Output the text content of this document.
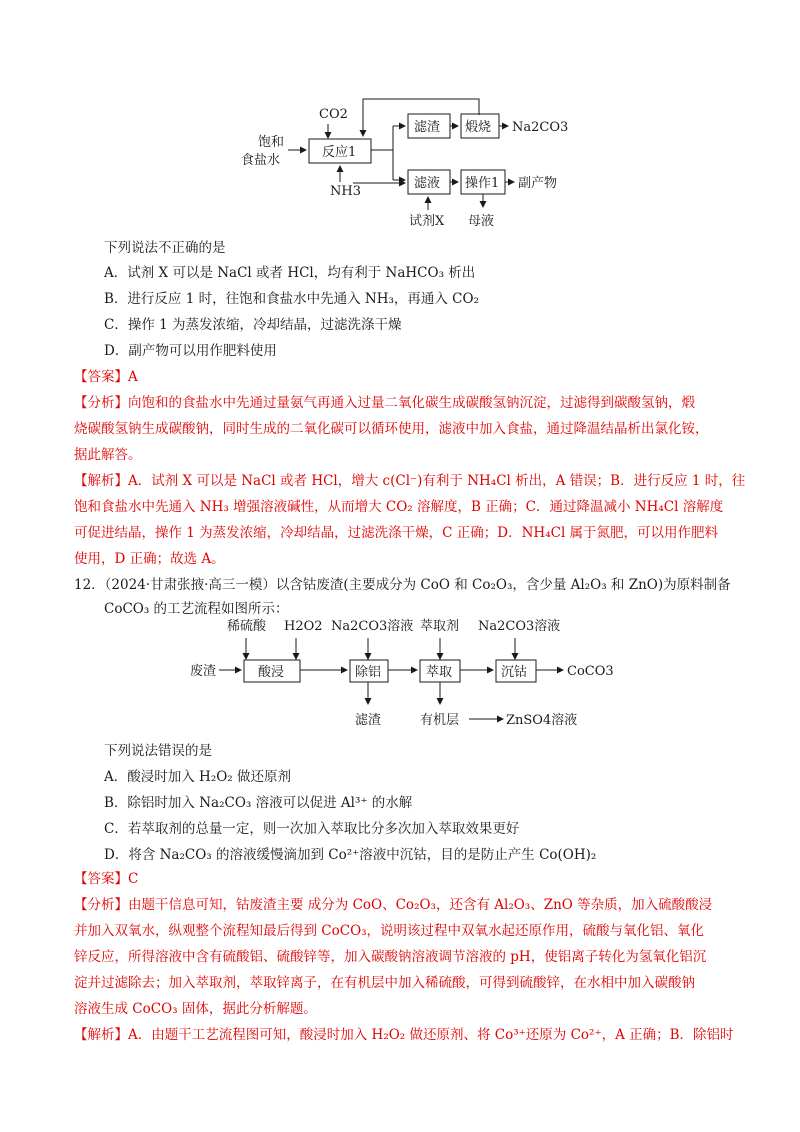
CO2
饱和
食盐水
反应1
NH3
滤渣 煅烧 Na2CO3
滤液 操作1 副产物
试剂X 母液
稀硫酸 H2O2 Na2CO3溶液 萃取剂 Na2CO3溶液
废渣	酸浸	除铝	萃取	沉钴	CoCO3
滤渣	有机层	ZnSO4溶液
下列说法不正确的是
A．试剂 X 可以是 NaCl 或者 HCl，均有利于 NaHCO₃ 析出
B．进行反应 1 时，往饱和食盐水中先通入 NH₃，再通入 CO₂
C．操作 1 为蒸发浓缩，冷却结晶，过滤洗涤干燥
D．副产物可以用作肥料使用
【答案】A
【分析】向饱和的食盐水中先通过量氨气再通入过量二氧化碳生成碳酸氢钠沉淀，过滤得到碳酸氢钠，煅
烧碳酸氢钠生成碳酸钠，同时生成的二氧化碳可以循环使用，滤液中加入食盐，通过降温结晶析出氯化铵，
据此解答。
【解析】A．试剂 X 可以是 NaCl 或者 HCl，增大 c(Cl⁻)有利于 NH₄Cl 析出，A 错误；B．进行反应 1 时，往
饱和食盐水中先通入 NH₃ 增强溶液碱性，从而增大 CO₂ 溶解度，B 正确；C．通过降温减小 NH₄Cl 溶解度
可促进结晶，操作 1 为蒸发浓缩，冷却结晶，过滤洗涤干燥，C 正确；D．NH₄Cl 属于氮肥，可以用作肥料
使用，D 正确；故选 A。
12．（2024·甘肃张掖·高三一模）以含钴废渣(主要成分为 CoO 和 Co₂O₃，含少量 Al₂O₃ 和 ZnO)为原料制备
CoCO₃ 的工艺流程如图所示：
下列说法错误的是
A．酸浸时加入 H₂O₂ 做还原剂
B．除铝时加入 Na₂CO₃ 溶液可以促进 Al³⁺ 的水解
C．若萃取剂的总量一定，则一次加入萃取比分多次加入萃取效果更好
D．将含 Na₂CO₃ 的溶液缓慢滴加到 Co²⁺溶液中沉钴，目的是防止产生 Co(OH)₂
【答案】C
【分析】由题干信息可知，钴废渣主要 成分为 CoO、Co₂O₃，还含有 Al₂O₃、ZnO 等杂质，加入硫酸酸浸
并加入双氧水，纵观整个流程知最后得到 CoCO₃，说明该过程中双氧水起还原作用，硫酸与氧化铝、氧化
锌反应，所得溶液中含有硫酸铝、硫酸锌等，加入碳酸钠溶液调节溶液的 pH，使铝离子转化为氢氧化铝沉
淀并过滤除去；加入萃取剂，萃取锌离子，在有机层中加入稀硫酸，可得到硫酸锌，在水相中加入碳酸钠
溶液生成 CoCO₃ 固体，据此分析解题。
【解析】A．由题干工艺流程图可知，酸浸时加入 H₂O₂ 做还原剂、将 Co³⁺还原为 Co²⁺，A 正确；B．除铝时
